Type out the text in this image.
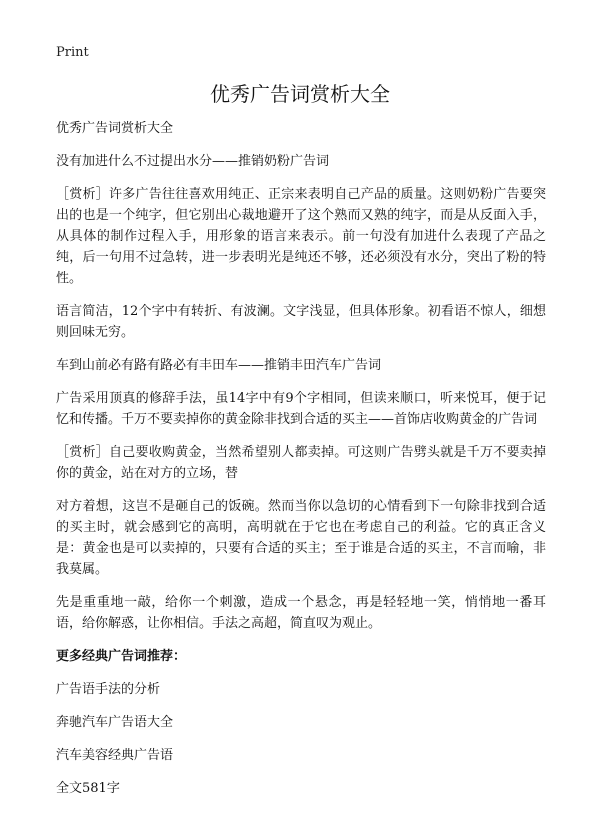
Print
优秀广告词赏析大全

优秀广告词赏析大全

没有加进什么不过提出水分——推销奶粉广告词

［赏析］许多广告往往喜欢用纯正、正宗来表明自己产品的质量。这则奶粉广告要突出的也是一个纯字，但它别出心裁地避开了这个熟而又熟的纯字，而是从反面入手，从具体的制作过程入手，用形象的语言来表示。前一句没有加进什么表现了产品之纯，后一句用不过急转，进一步表明光是纯还不够，还必须没有水分，突出了粉的特性。

语言简洁，12个字中有转折、有波澜。文字浅显，但具体形象。初看语不惊人，细想则回味无穷。

车到山前必有路有路必有丰田车——推销丰田汽车广告词

广告采用顶真的修辞手法，虽14字中有9个字相同，但读来顺口，听来悦耳，便于记忆和传播。千万不要卖掉你的黄金除非找到合适的买主——首饰店收购黄金的广告词

［赏析］自己要收购黄金，当然希望别人都卖掉。可这则广告劈头就是千万不要卖掉你的黄金，站在对方的立场，替

对方着想，这岂不是砸自己的饭碗。然而当你以急切的心情看到下一句除非找到合适的买主时，就会感到它的高明，高明就在于它也在考虑自己的利益。它的真正含义是：黄金也是可以卖掉的，只要有合适的买主；至于谁是合适的买主，不言而喻，非我莫属。

先是重重地一敲，给你一个刺激，造成一个悬念，再是轻轻地一笑，悄悄地一番耳语，给你解惑，让你相信。手法之高超，简直叹为观止。

更多经典广告词推荐：

广告语手法的分析
奔驰汽车广告语大全
汽车美容经典广告语

全文581字
